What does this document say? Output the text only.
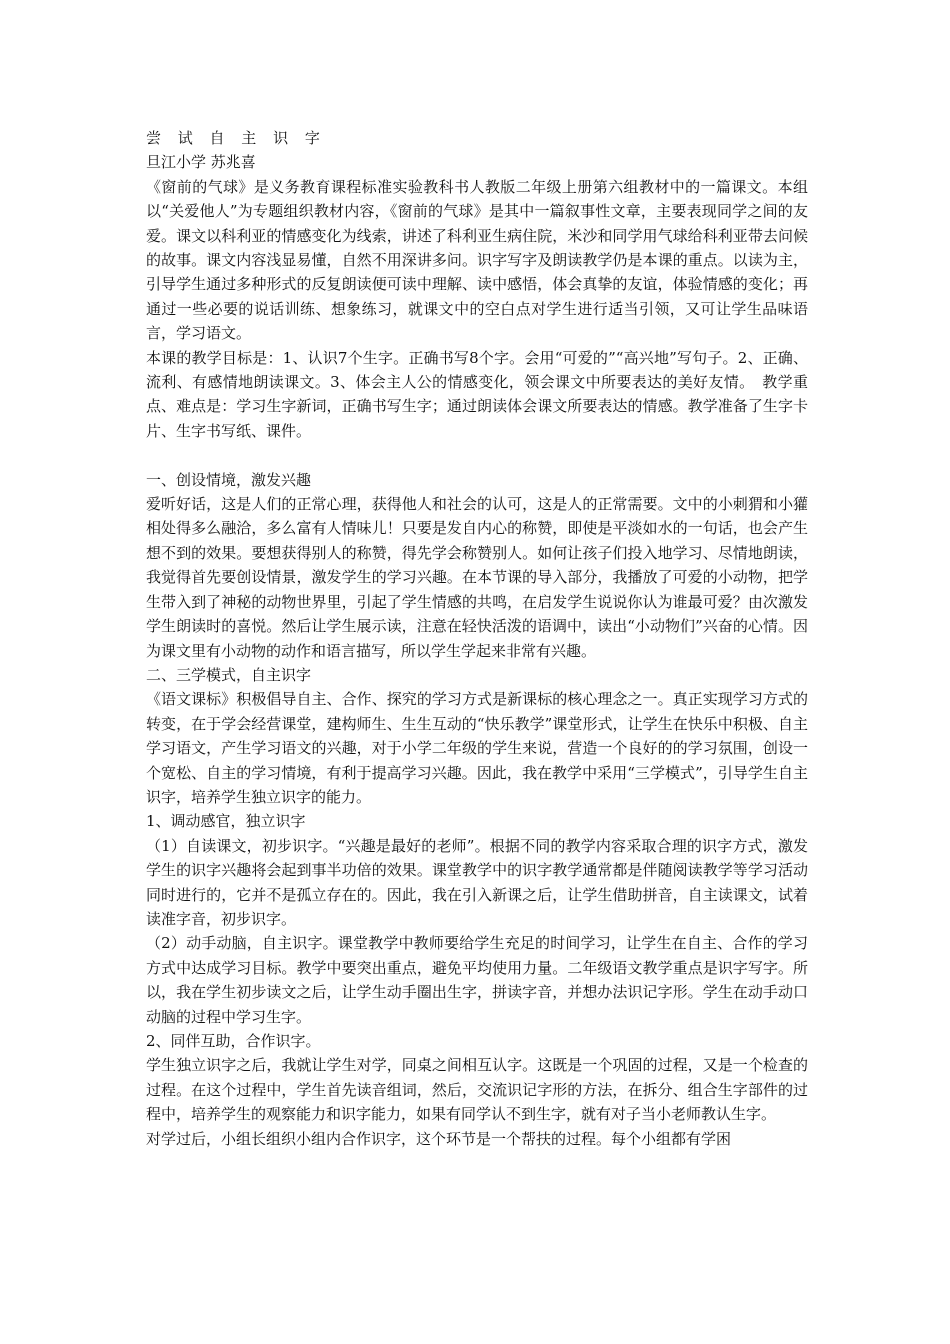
尝 试 自 主 识 字

旦江小学 苏兆喜

《窗前的气球》是义务教育课程标准实验教科书人教版二年级上册第六组教材中的一篇课文。本组以“关爱他人”为专题组织教材内容，《窗前的气球》是其中一篇叙事性文章，主要表现同学之间的友爱。课文以科利亚的情感变化为线索，讲述了科利亚生病住院，米沙和同学用气球给科利亚带去问候的故事。课文内容浅显易懂，自然不用深讲多问。识字写字及朗读教学仍是本课的重点。以读为主，引导学生通过多种形式的反复朗读便可读中理解、读中感悟，体会真挚的友谊，体验情感的变化；再通过一些必要的说话训练、想象练习，就课文中的空白点对学生进行适当引领，又可让学生品味语言，学习语文。

本课的教学目标是：1、认识7个生字。正确书写8个字。会用“可爱的”“高兴地”写句子。2、正确、流利、有感情地朗读课文。3、体会主人公的情感变化，领会课文中所要表达的美好友情。　教学重点、难点是：学习生字新词，正确书写生字；通过朗读体会课文所要表达的情感。教学准备了生字卡片、生字书写纸、课件。

一、创设情境，激发兴趣

爱听好话，这是人们的正常心理，获得他人和社会的认可，这是人的正常需要。文中的小刺猬和小獾相处得多么融洽，多么富有人情味儿！只要是发自内心的称赞，即使是平淡如水的一句话，也会产生想不到的效果。要想获得别人的称赞，得先学会称赞别人。如何让孩子们投入地学习、尽情地朗读，我觉得首先要创设情景，激发学生的学习兴趣。在本节课的导入部分，我播放了可爱的小动物，把学生带入到了神秘的动物世界里，引起了学生情感的共鸣，在启发学生说说你认为谁最可爱？由次激发学生朗读时的喜悦。然后让学生展示读，注意在轻快活泼的语调中，读出“小动物们”兴奋的心情。因为课文里有小动物的动作和语言描写，所以学生学起来非常有兴趣。

二、三学模式，自主识字

《语文课标》积极倡导自主、合作、探究的学习方式是新课标的核心理念之一。真正实现学习方式的转变，在于学会经营课堂，建构师生、生生互动的“快乐教学”课堂形式，让学生在快乐中积极、自主学习语文，产生学习语文的兴趣，对于小学二年级的学生来说，营造一个良好的的学习氛围，创设一个宽松、自主的学习情境，有利于提高学习兴趣。因此，我在教学中采用“三学模式”，引导学生自主识字，培养学生独立识字的能力。

1、调动感官，独立识字

（1）自读课文，初步识字。“兴趣是最好的老师”。根据不同的教学内容采取合理的识字方式，激发学生的识字兴趣将会起到事半功倍的效果。课堂教学中的识字教学通常都是伴随阅读教学等学习活动同时进行的，它并不是孤立存在的。因此，我在引入新课之后，让学生借助拼音，自主读课文，试着读准字音，初步识字。

（2）动手动脑，自主识字。课堂教学中教师要给学生充足的时间学习，让学生在自主、合作的学习方式中达成学习目标。教学中要突出重点，避免平均使用力量。二年级语文教学重点是识字写字。所以，我在学生初步读文之后，让学生动手圈出生字，拼读字音，并想办法识记字形。学生在动手动口动脑的过程中学习生字。

2、同伴互助，合作识字。

学生独立识字之后，我就让学生对学，同桌之间相互认字。这既是一个巩固的过程，又是一个检查的过程。在这个过程中，学生首先读音组词，然后，交流识记字形的方法，在拆分、组合生字部件的过程中，培养学生的观察能力和识字能力，如果有同学认不到生字，就有对子当小老师教认生字。

对学过后，小组长组织小组内合作识字，这个环节是一个帮扶的过程。每个小组都有学困
